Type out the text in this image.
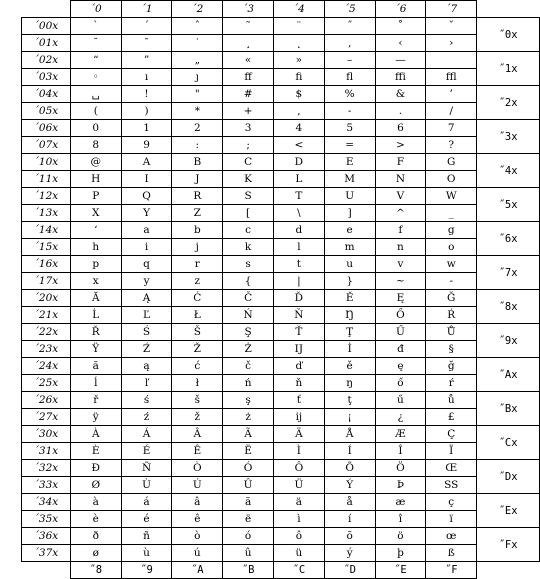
	´0	´1	´2	´3	´4	´5	´6	´7	
´00x	`	´	ˆ	˜	¨	˝	˚	ˇ	˝0x
´01x	˘	¯	˙	¸	˛	‚	‹	›	
´02x	“	”	„	«	»	–	—		˝1x
´03x	◦	ı	ȷ	ff	fi	fl	ffi	ffl	
´04x	␣	!	"	#	$	%	&	’	˝2x
´05x	(	)	*	+	,	-	.	/	
´06x	0	1	2	3	4	5	6	7	˝3x
´07x	8	9	:	;	<	=	>	?	
´10x	@	A	B	C	D	E	F	G	˝4x
´11x	H	I	J	K	L	M	N	O	
´12x	P	Q	R	S	T	U	V	W	˝5x
´13x	X	Y	Z	[	\	]	^	_	
´14x	‘	a	b	c	d	e	f	g	˝6x
´15x	h	i	j	k	l	m	n	o	
´16x	p	q	r	s	t	u	v	w	˝7x
´17x	x	y	z	{	|	}	~	-	
´20x	Ă	Ą	Ć	Č	Ď	Ě	Ę	Ğ	˝8x
´21x	Ĺ	Ľ	Ł	Ń	Ň	Ŋ	Ő	Ŕ	
´22x	Ř	Ś	Š	Ş	Ť	Ţ	Ű	Ů	˝9x
´23x	Ÿ	Ź	Ž	Ż	Ĳ	İ	đ	§	
´24x	ă	ą	ć	č	ď	ě	ę	ğ	˝Ax
´25x	ĺ	ľ	ł	ń	ň	ŋ	ő	ŕ	
´26x	ř	ś	š	ş	ť	ţ	ű	ů	˝Bx
´27x	ÿ	ź	ž	ż	ij	¡	¿	£	
´30x	À	Á	Â	Ã	Ä	Å	Æ	Ç	˝Cx
´31x	È	É	Ê	Ë	Ì	Í	Î	Ï	
´32x	Ð	Ñ	Ò	Ó	Ô	Õ	Ö	Œ	˝Dx
´33x	Ø	Ù	Ú	Û	Ü	Ý	Þ	SS	
´34x	à	á	â	ã	ä	å	æ	ç	˝Ex
´35x	è	é	ê	ë	ì	í	î	ï	
´36x	ð	ñ	ò	ó	ô	õ	ö	œ	˝Fx
´37x	ø	ù	ú	û	ü	ý	þ	ß	
	˝8	˝9	˝A	˝B	˝C	˝D	˝E	˝F	
